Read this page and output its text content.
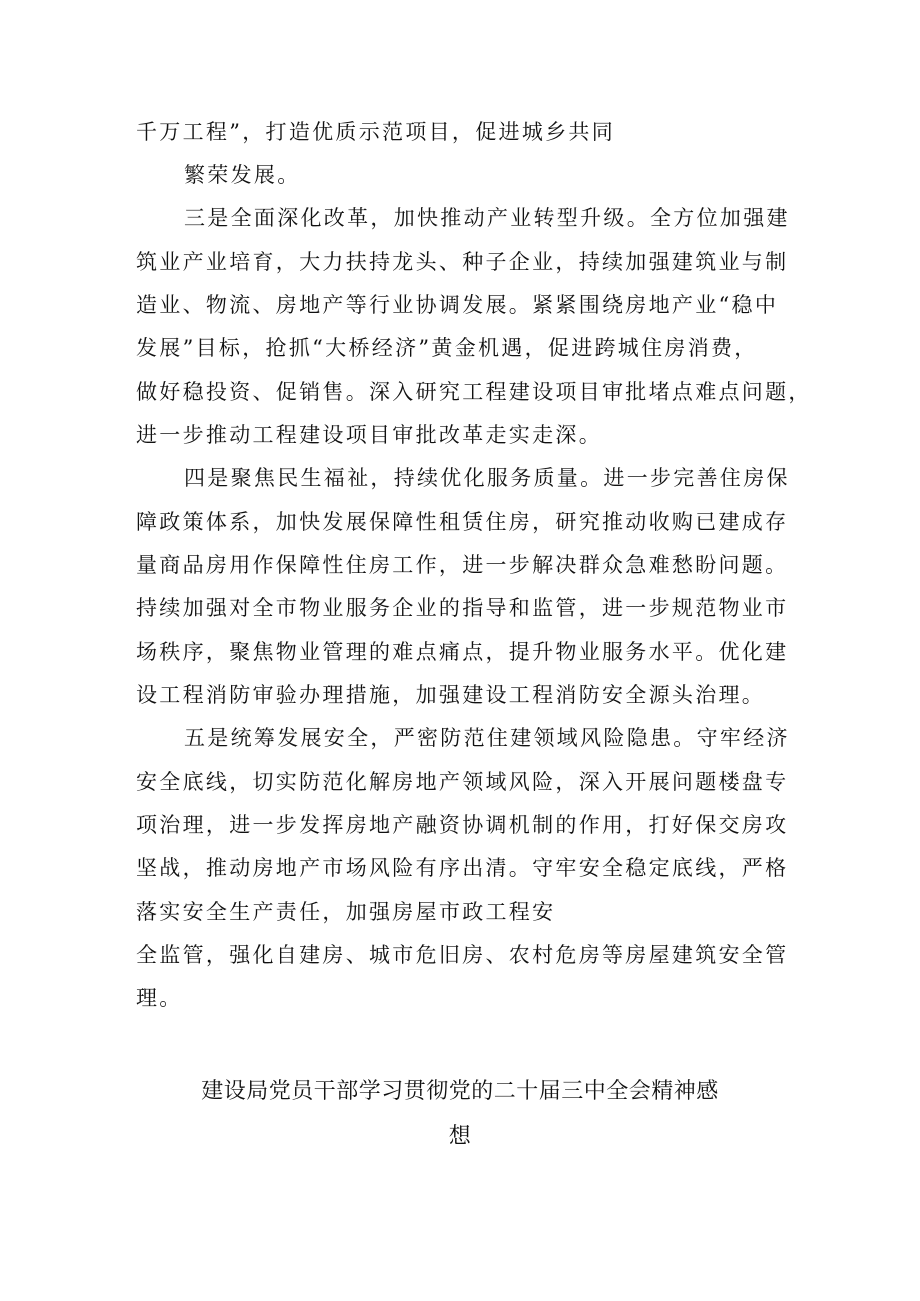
千万工程”，打造优质示范项目，促进城乡共同
繁荣发展。
三是全面深化改革，加快推动产业转型升级。全方位加强建
筑业产业培育，大力扶持龙头、种子企业，持续加强建筑业与制
造业、物流、房地产等行业协调发展。紧紧围绕房地产业“稳中
发展”目标，抢抓“大桥经济”黄金机遇，促进跨城住房消费，
做好稳投资、促销售。深入研究工程建设项目审批堵点难点问题，
进一步推动工程建设项目审批改革走实走深。
四是聚焦民生福祉，持续优化服务质量。进一步完善住房保
障政策体系，加快发展保障性租赁住房，研究推动收购已建成存
量商品房用作保障性住房工作，进一步解决群众急难愁盼问题。
持续加强对全市物业服务企业的指导和监管，进一步规范物业市
场秩序，聚焦物业管理的难点痛点，提升物业服务水平。优化建
设工程消防审验办理措施，加强建设工程消防安全源头治理。
五是统筹发展安全，严密防范住建领域风险隐患。守牢经济
安全底线，切实防范化解房地产领域风险，深入开展问题楼盘专
项治理，进一步发挥房地产融资协调机制的作用，打好保交房攻
坚战，推动房地产市场风险有序出清。守牢安全稳定底线，严格
落实安全生产责任，加强房屋市政工程安
全监管，强化自建房、城市危旧房、农村危房等房屋建筑安全管
理。
建设局党员干部学习贯彻党的二十届三中全会精神感
想
